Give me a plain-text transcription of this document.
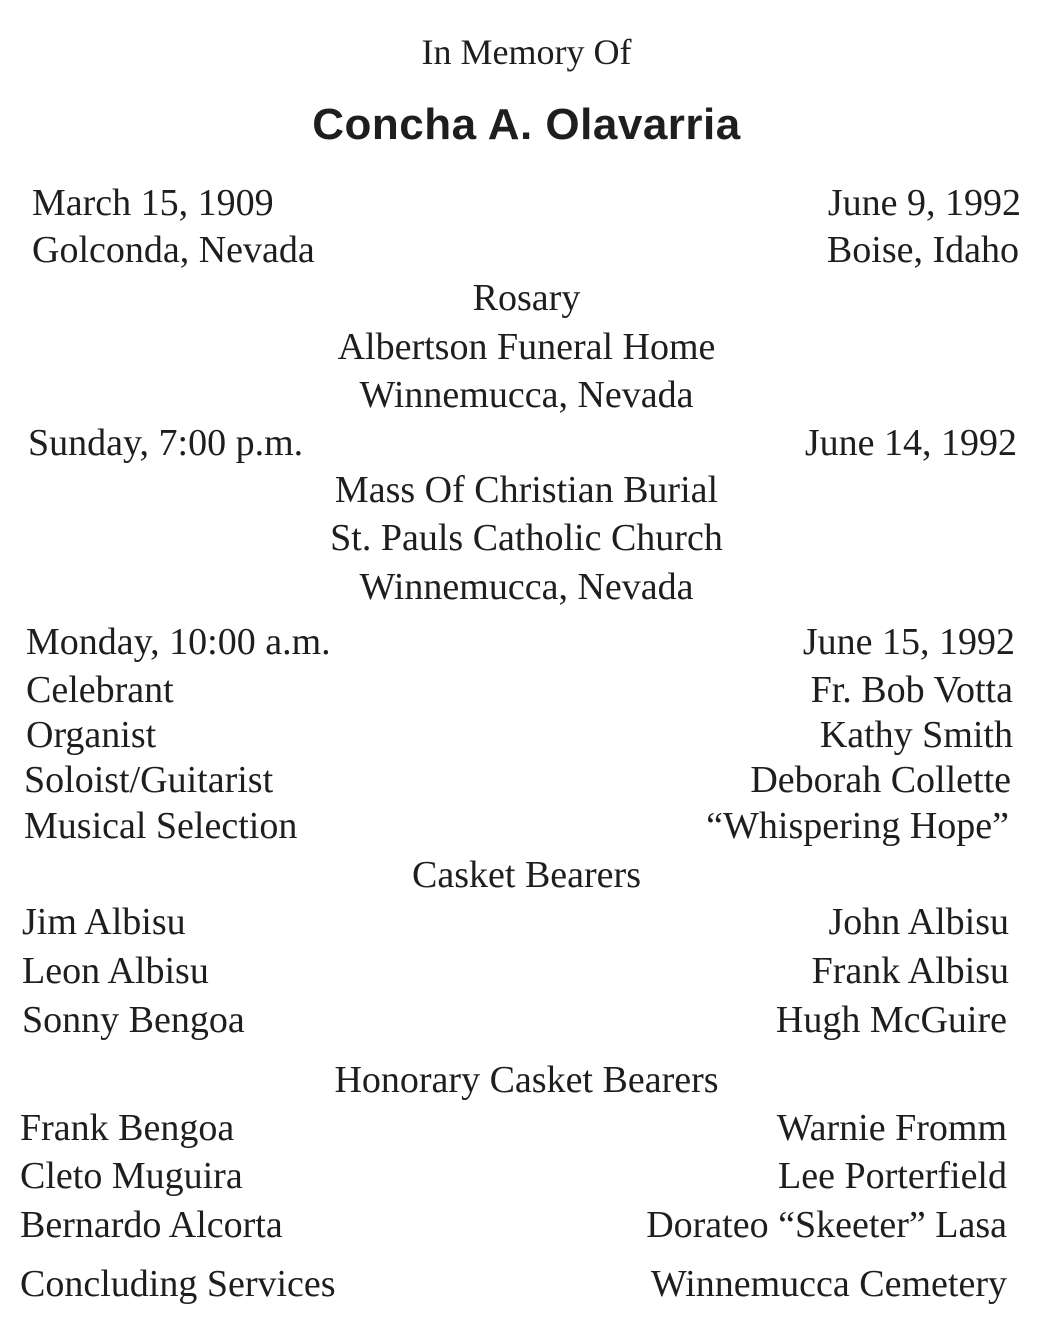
In Memory Of
Concha A. Olavarria
March 15, 1909	June 9, 1992
Golconda, Nevada	Boise, Idaho
Rosary
Albertson Funeral Home
Winnemucca, Nevada
Sunday, 7:00 p.m.	June 14, 1992
Mass Of Christian Burial
St. Pauls Catholic Church
Winnemucca, Nevada
Monday, 10:00 a.m.	June 15, 1992
Celebrant	Fr. Bob Votta
Organist	Kathy Smith
Soloist/Guitarist	Deborah Collette
Musical Selection	“Whispering Hope”
Casket Bearers
Jim Albisu	John Albisu
Leon Albisu	Frank Albisu
Sonny Bengoa	Hugh McGuire
Honorary Casket Bearers
Frank Bengoa	Warnie Fromm
Cleto Muguira	Lee Porterfield
Bernardo Alcorta	Dorateo “Skeeter” Lasa
Concluding Services	Winnemucca Cemetery
